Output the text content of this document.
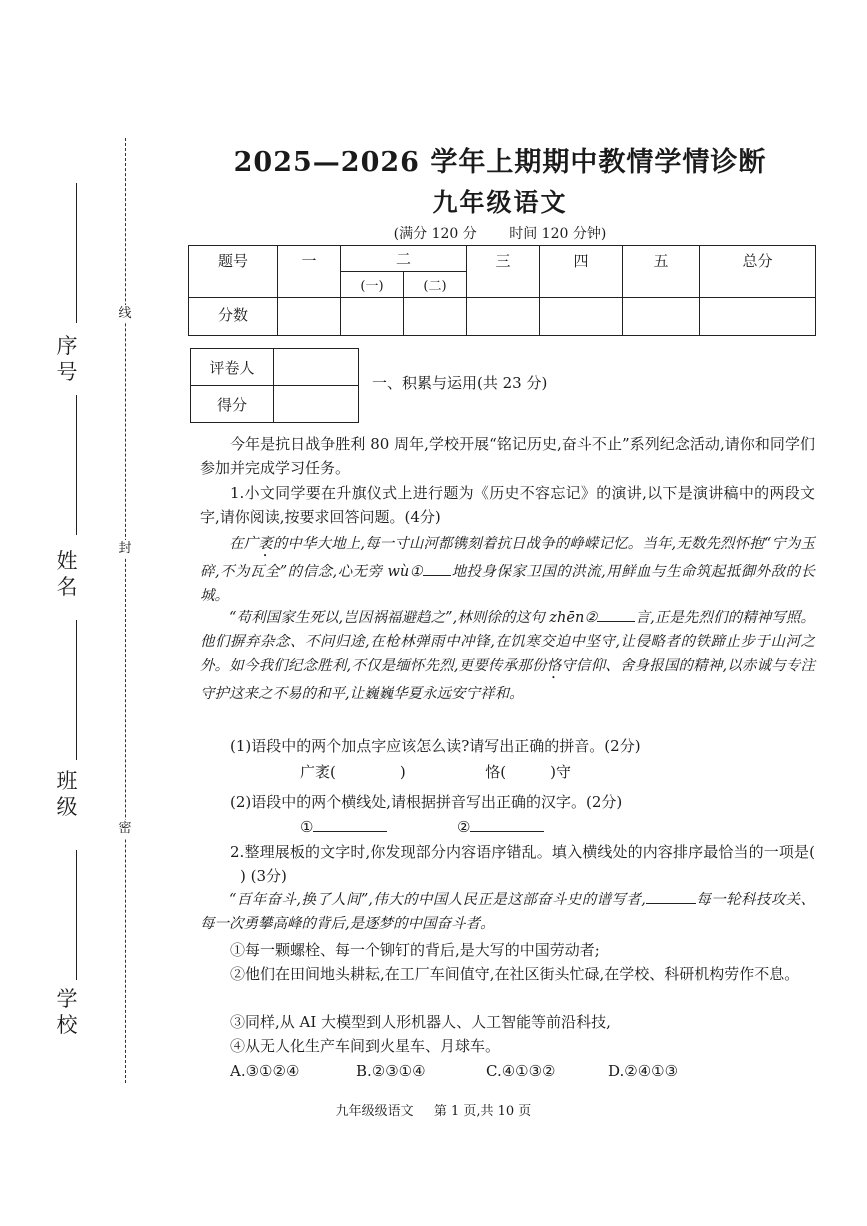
线
封
密
序号
姓名
班级
学校
2025—2026 学年上期期中教情学情诊断
九年级语文
(满分 120 分 时间 120 分钟)
题号	一	二		三	四	五	总分
		(一)	(二)				
分数							
评卷人	
得分	
一、积累与运用(共 23 分)
今年是抗日战争胜利 80 周年,学校开展“铭记历史,奋斗不止”系列纪念活动,请你和同学们参加并完成学习任务。
1.小文同学要在升旗仪式上进行题为《历史不容忘记》的演讲,以下是演讲稿中的两段文字,请你阅读,按要求回答问题。(4分)
在广袤的中华大地上,每一寸山河都镌刻着抗日战争的峥嵘记忆。当年,无数先烈怀抱“宁为玉碎,不为瓦全”的信念,心无旁 wù① 地投身保家卫国的洪流,用鲜血与生命筑起抵御外敌的长城。
“苟利国家生死以,岂因祸福避趋之”,林则徐的这句 zhēn②	言,正是先烈们的精神写照。他们摒弃杂念、不问归途,在枪林弹雨中冲锋,在饥寒交迫中坚守,让侵略者的铁蹄止步于山河之外。如今我们纪念胜利,不仅是缅怀先烈,更要传承那份恪守信仰、舍身报国的精神,以赤诚与专注守护这来之不易的和平,让巍巍华夏永远安宁祥和。
(1)语段中的两个加点字应该怎么读?请写出正确的拼音。(2分)
广袤(	)	恪(	)守
(2)语段中的两个横线处,请根据拼音写出正确的汉字。(2分)
①	②
2.整理展板的文字时,你发现部分内容语序错乱。填入横线处的内容排序最恰当的一项是() (3分)
“百年奋斗,换了人间”,伟大的中国人民正是这部奋斗史的谱写者,	每一轮科技攻关、每一次勇攀高峰的背后,是逐梦的中国奋斗者。
①每一颗螺栓、每一个铆钉的背后,是大写的中国劳动者;
②他们在田间地头耕耘,在工厂车间值守,在社区街头忙碌,在学校、科研机构劳作不息。
③同样,从 AI 大模型到人形机器人、人工智能等前沿科技,
④从无人化生产车间到火星车、月球车。
A.③①②④	B.②③①④	C.④①③②	D.②④①③
九年级级语文 第 1 页,共 10 页
